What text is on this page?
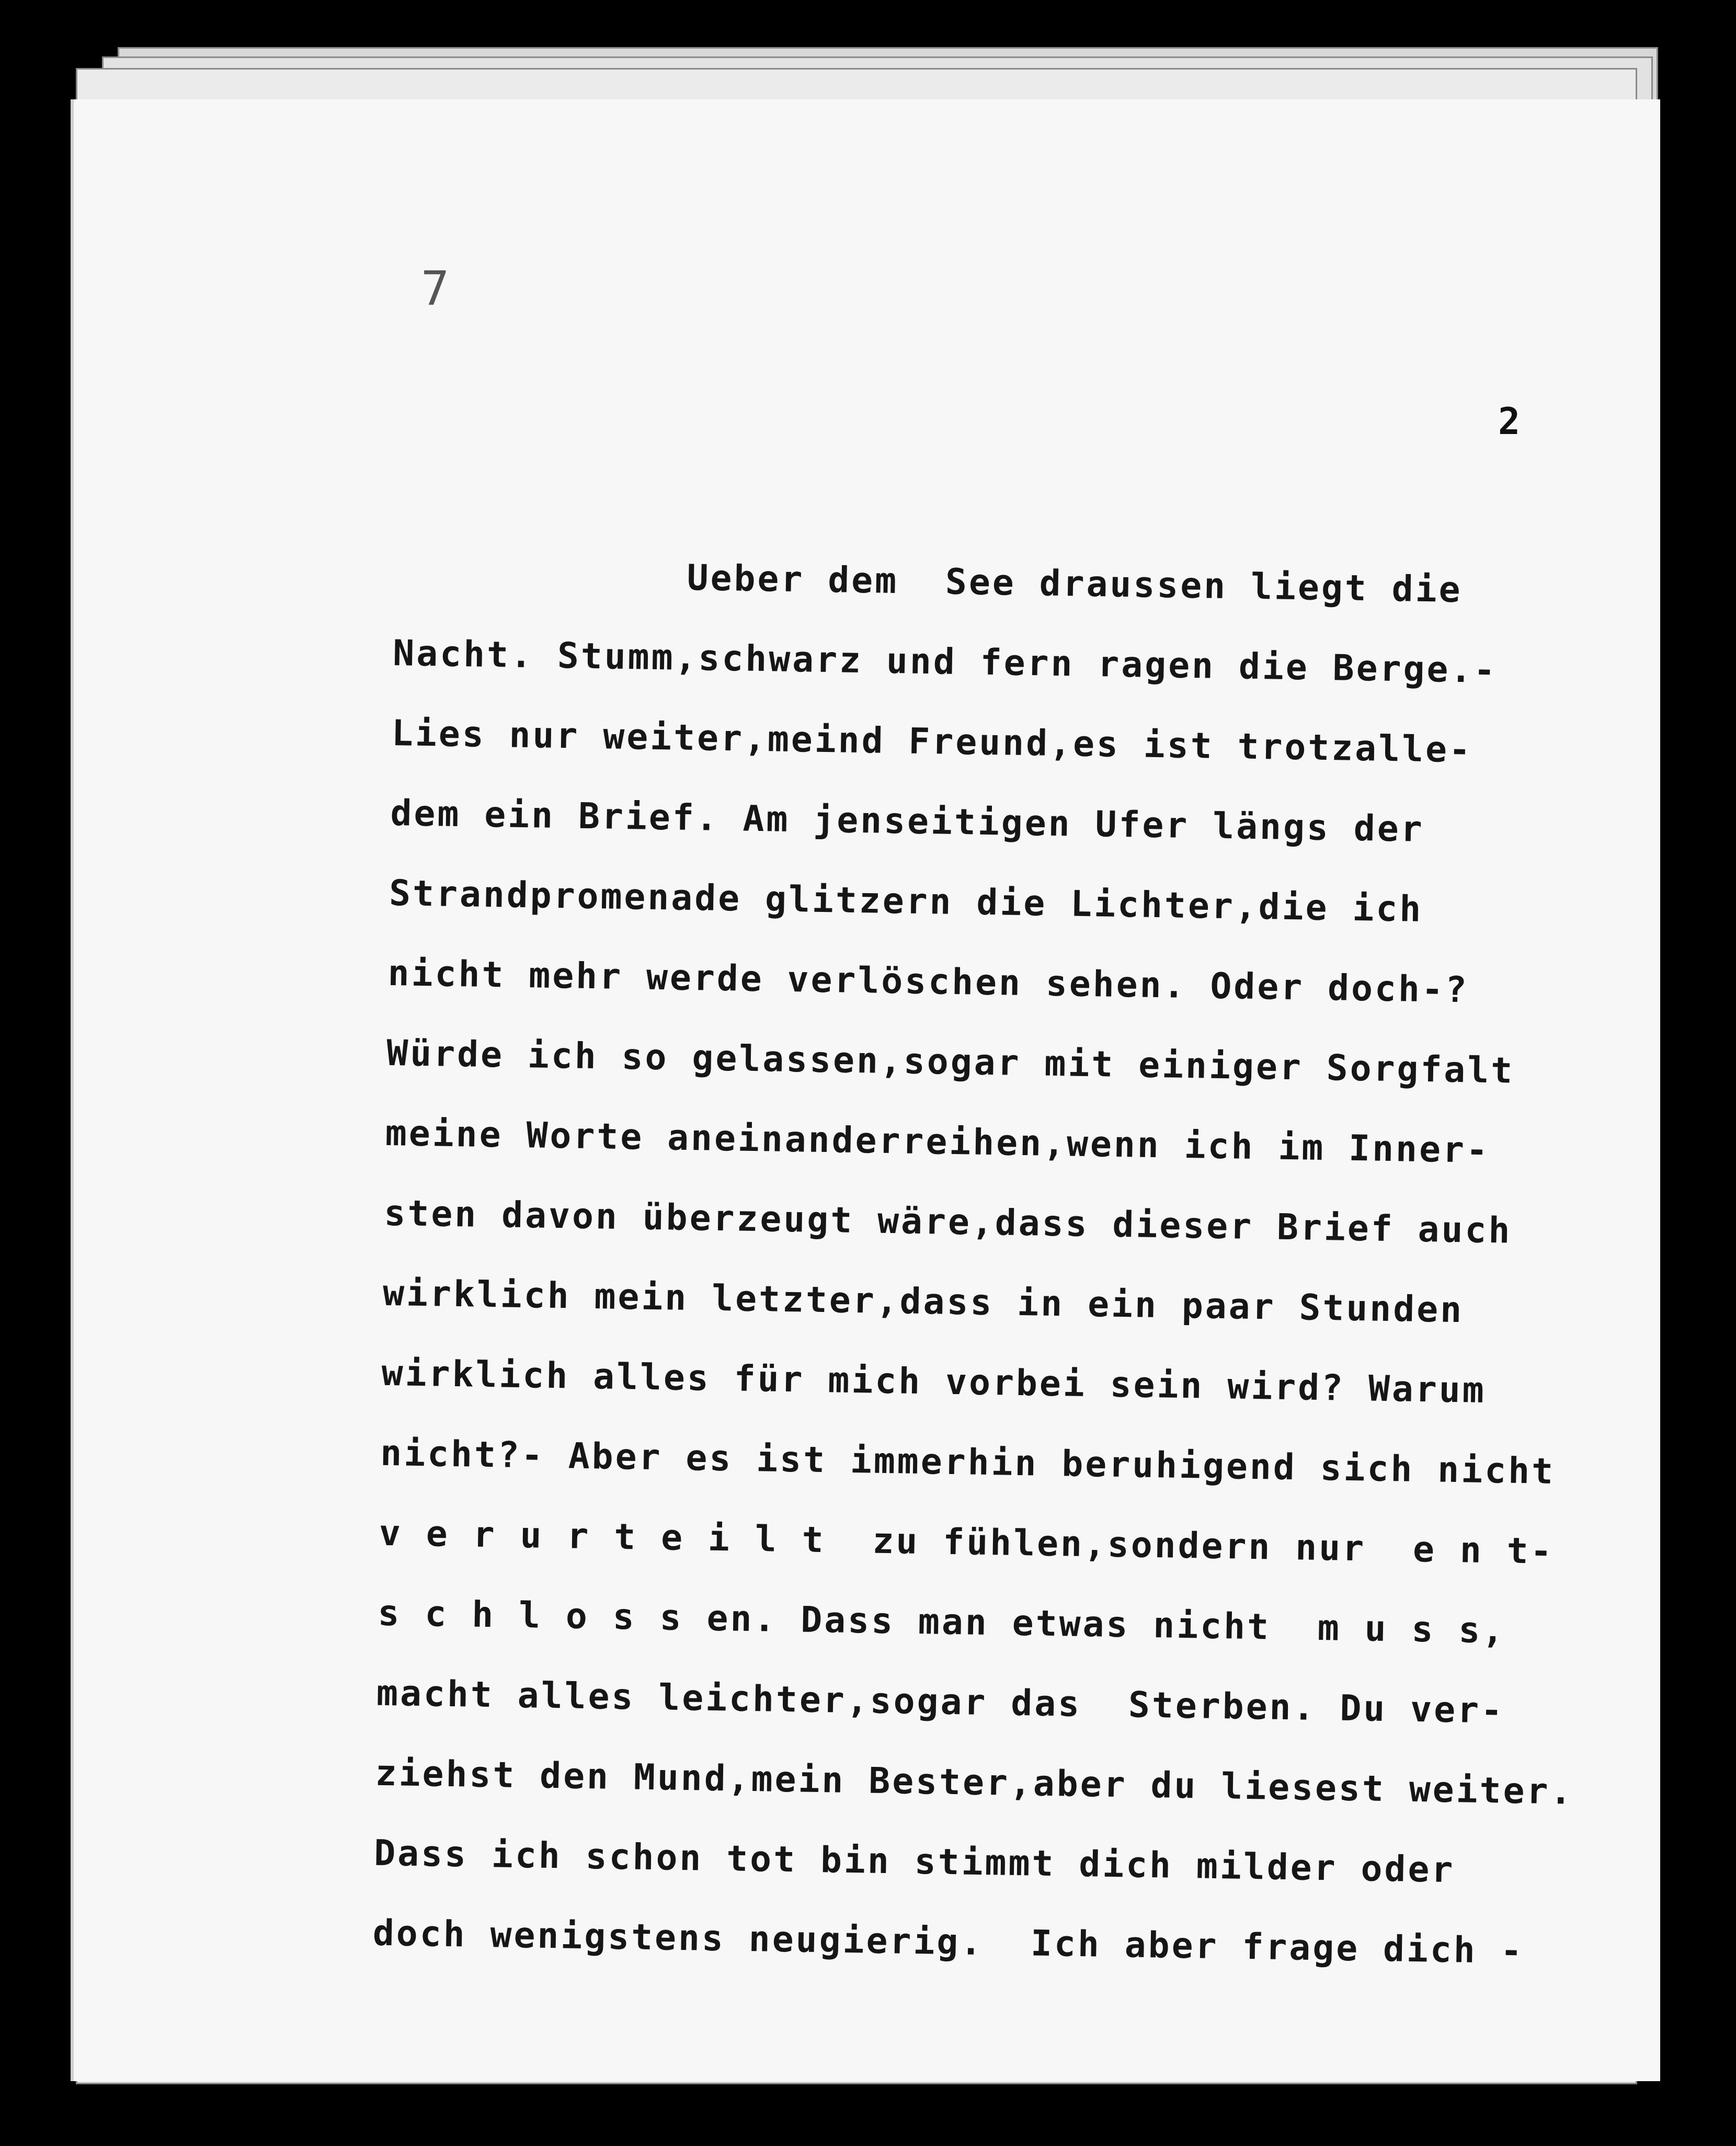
7
2
Ueber dem  See draussen liegt die
Nacht. Stumm,schwarz und fern ragen die Berge.-
Lies nur weiter,meind Freund,es ist trotzalle-
dem ein Brief. Am jenseitigen Ufer längs der
Strandpromenade glitzern die Lichter,die ich
nicht mehr werde verlöschen sehen. Oder doch-?
Würde ich so gelassen,sogar mit einiger Sorgfalt
meine Worte aneinanderreihen,wenn ich im Inner-
sten davon überzeugt wäre,dass dieser Brief auch
wirklich mein letzter,dass in ein paar Stunden
wirklich alles für mich vorbei sein wird? Warum
nicht?- Aber es ist immerhin beruhigend sich nicht
v e r u r t e i l t  zu fühlen,sondern nur  e n t-
s c h l o s s en. Dass man etwas nicht  m u s s,
macht alles leichter,sogar das  Sterben. Du ver-
ziehst den Mund,mein Bester,aber du liesest weiter.
Dass ich schon tot bin stimmt dich milder oder
doch wenigstens neugierig.  Ich aber frage dich -
